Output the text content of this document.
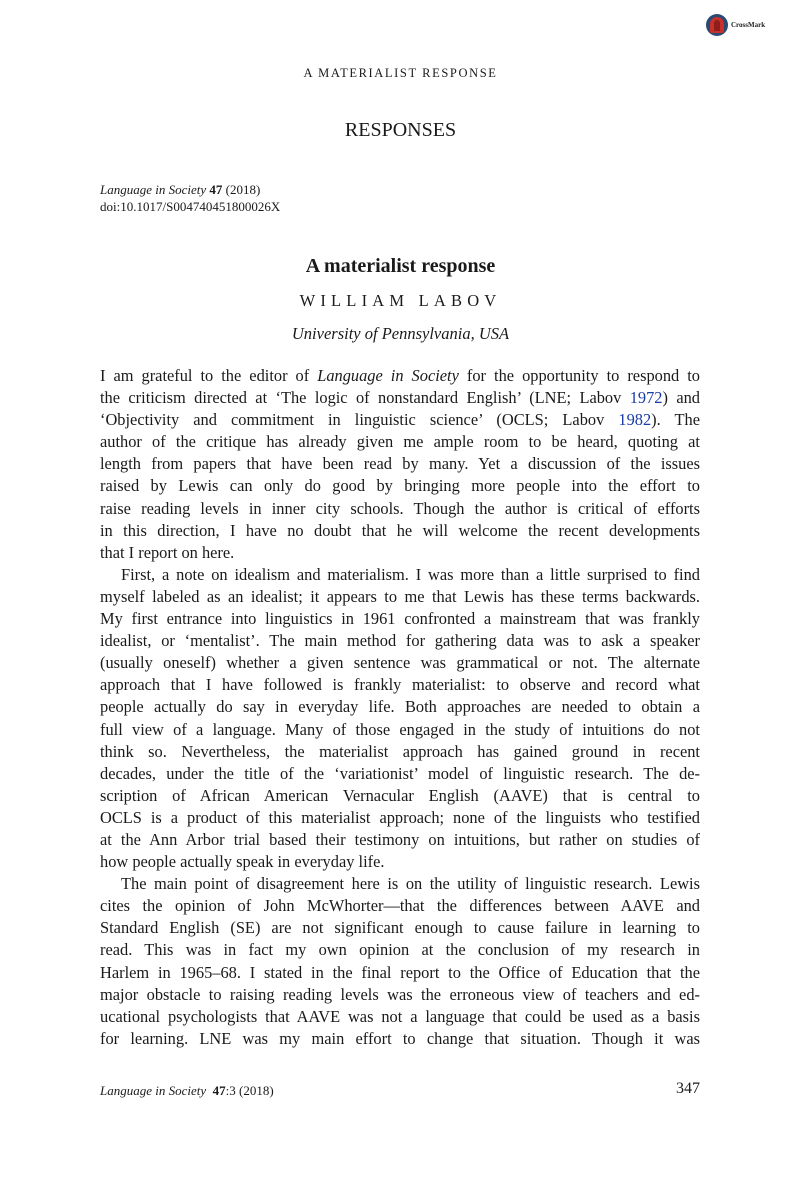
CrossMark
A MATERIALIST RESPONSE
RESPONSES
Language in Society 47 (2018)
doi:10.1017/S004740451800026X
A materialist response
WILLIAM LABOV
University of Pennsylvania, USA
I am grateful to the editor of Language in Society for the opportunity to respond to
the criticism directed at ‘The logic of nonstandard English’ (LNE; Labov 1972) and
‘Objectivity and commitment in linguistic science’ (OCLS; Labov 1982). The
author of the critique has already given me ample room to be heard, quoting at
length from papers that have been read by many. Yet a discussion of the issues
raised by Lewis can only do good by bringing more people into the effort to
raise reading levels in inner city schools. Though the author is critical of efforts
in this direction, I have no doubt that he will welcome the recent developments
that I report on here.
First, a note on idealism and materialism. I was more than a little surprised to find
myself labeled as an idealist; it appears to me that Lewis has these terms backwards.
My first entrance into linguistics in 1961 confronted a mainstream that was frankly
idealist, or ‘mentalist’. The main method for gathering data was to ask a speaker
(usually oneself) whether a given sentence was grammatical or not. The alternate
approach that I have followed is frankly materialist: to observe and record what
people actually do say in everyday life. Both approaches are needed to obtain a
full view of a language. Many of those engaged in the study of intuitions do not
think so. Nevertheless, the materialist approach has gained ground in recent
decades, under the title of the ‘variationist’ model of linguistic research. The de-
scription of African American Vernacular English (AAVE) that is central to
OCLS is a product of this materialist approach; none of the linguists who testified
at the Ann Arbor trial based their testimony on intuitions, but rather on studies of
how people actually speak in everyday life.
The main point of disagreement here is on the utility of linguistic research. Lewis
cites the opinion of John McWhorter—that the differences between AAVE and
Standard English (SE) are not significant enough to cause failure in learning to
read. This was in fact my own opinion at the conclusion of my research in
Harlem in 1965–68. I stated in the final report to the Office of Education that the
major obstacle to raising reading levels was the erroneous view of teachers and ed-
ucational psychologists that AAVE was not a language that could be used as a basis
for learning. LNE was my main effort to change that situation. Though it was
Language in Society 47:3 (2018)	347
